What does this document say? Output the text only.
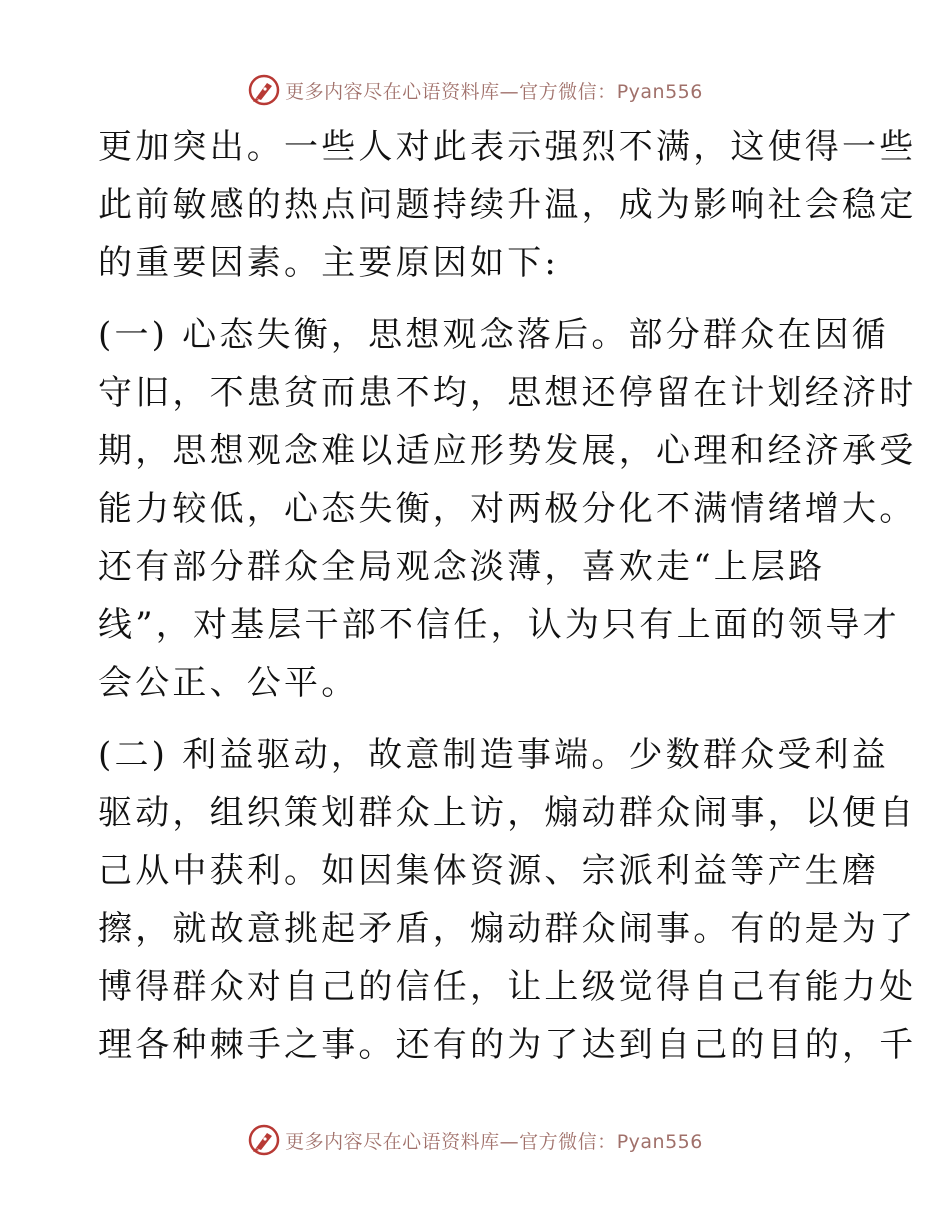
更多内容尽在心语资料库—官方微信：Pyan556
更加突出。一些人对此表示强烈不满，这使得一些
此前敏感的热点问题持续升温，成为影响社会稳定
的重要因素。主要原因如下:
(一) 心态失衡，思想观念落后。部分群众在因循
守旧，不患贫而患不均，思想还停留在计划经济时
期，思想观念难以适应形势发展，心理和经济承受
能力较低，心态失衡，对两极分化不满情绪增大。
还有部分群众全局观念淡薄，喜欢走“上层路
线”，对基层干部不信任，认为只有上面的领导才
会公正、公平。
(二) 利益驱动，故意制造事端。少数群众受利益
驱动，组织策划群众上访，煽动群众闹事，以便自
己从中获利。如因集体资源、宗派利益等产生磨
擦，就故意挑起矛盾，煽动群众闹事。有的是为了
博得群众对自己的信任，让上级觉得自己有能力处
理各种棘手之事。还有的为了达到自己的目的，千
更多内容尽在心语资料库—官方微信：Pyan556
